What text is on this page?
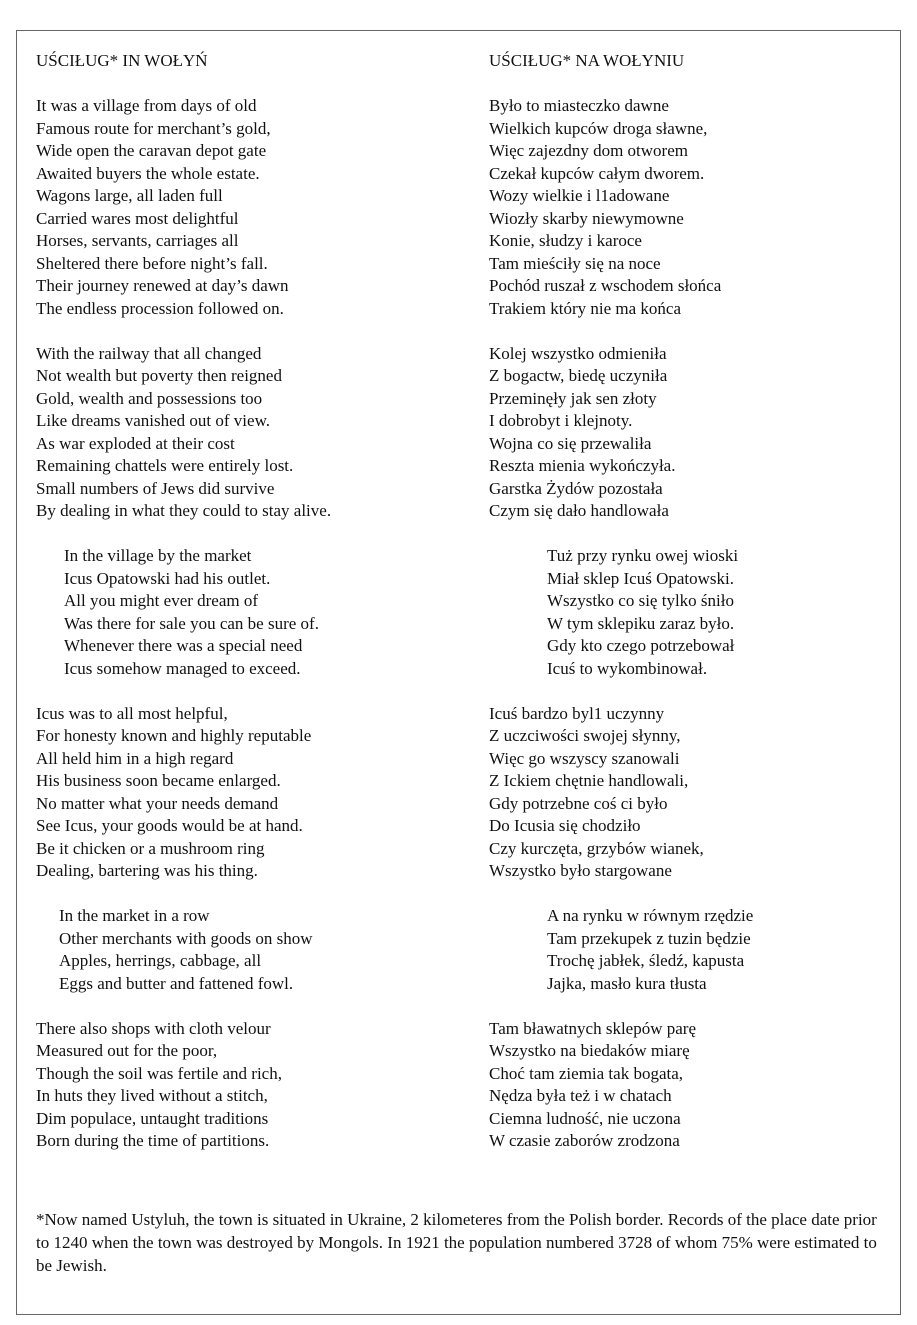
UŚCIŁUG* IN WOŁYŃ
It was a village from days of old
Famous route for merchant’s gold,
Wide open the caravan depot gate
Awaited buyers the whole estate.
Wagons large, all laden full
Carried wares most delightful
Horses, servants, carriages all
Sheltered there before night’s fall.
Their journey renewed at day’s dawn
The endless procession followed on.
With the railway that all changed
Not wealth but poverty then reigned
Gold, wealth and possessions too
Like dreams vanished out of view.
As war exploded at their cost
Remaining chattels were entirely lost.
Small numbers of Jews did survive
By dealing in what they could to stay alive.
In the village by the market
Icus Opatowski had his outlet.
All you might ever dream of
Was there for sale you can be sure of.
Whenever there was a special need
Icus somehow managed to exceed.
Icus was to all most helpful,
For honesty known and highly reputable
All held him in a high regard
His business soon became enlarged.
No matter what your needs demand
See Icus, your goods would be at hand.
Be it chicken or a mushroom ring
Dealing, bartering was his thing.
In the market in a row
Other merchants with goods on show
Apples, herrings, cabbage, all
Eggs and butter and fattened fowl.
There also shops with cloth velour
Measured out for the poor,
Though the soil was fertile and rich,
In huts they lived without a stitch,
Dim populace, untaught traditions
Born during the time of partitions.
UŚCIŁUG* NA WOŁYNIU
Było to miasteczko dawne
Wielkich kupców droga sławne,
Więc zajezdny dom otworem
Czekał kupców całym dworem.
Wozy wielkie i l1adowane
Wiozły skarby niewymowne
Konie, słudzy i karoce
Tam mieściły się na noce
Pochód ruszał z wschodem słońca
Trakiem który nie ma końca
Kolej wszystko odmieniła
Z bogactw, biedę uczyniła
Przeminęły jak sen złoty
I dobrobyt i klejnoty.
Wojna co się przewaliła
Reszta mienia wykończyła.
Garstka Żydów pozostała
Czym się dało handlowała
Tuż przy rynku owej wioski
Miał sklep Icuś Opatowski.
Wszystko co się tylko śniło
W tym sklepiku zaraz było.
Gdy kto czego potrzebował
Icuś to wykombinował.
Icuś bardzo byl1 uczynny
Z uczciwości swojej słynny,
Więc go wszyscy szanowali
Z Ickiem chętnie handlowali,
Gdy potrzebne coś ci było
Do Icusia się chodziło
Czy kurczęta, grzybów wianek,
Wszystko było stargowane
A na rynku w równym rzędzie
Tam przekupek z tuzin będzie
Trochę jabłek, śledź, kapusta
Jajka, masło kura tłusta
Tam bławatnych sklepów parę
Wszystko na biedaków miarę
Choć tam ziemia tak bogata,
Nędza była też i w chatach
Ciemna ludność, nie uczona
W czasie zaborów zrodzona
*Now named Ustyluh, the town is situated in Ukraine, 2 kilometeres from the Polish border. Records of the place date prior to 1240 when the town was destroyed by Mongols. In 1921 the population numbered 3728 of whom 75% were estimated to be Jewish.
